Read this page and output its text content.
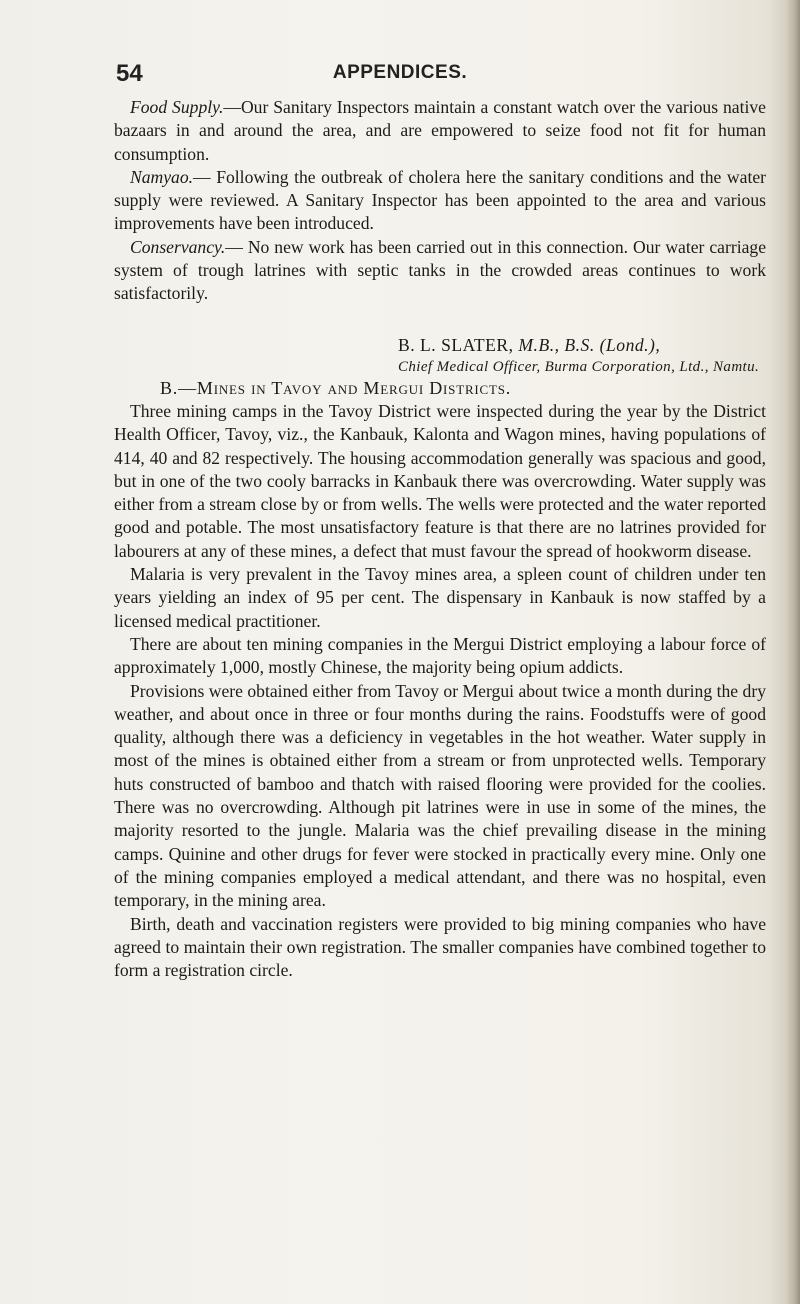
54	APPENDICES.

Food Supply.—Our Sanitary Inspectors maintain a constant watch over the various native bazaars in and around the area, and are empowered to seize food not fit for human consumption.

Namyao.— Following the outbreak of cholera here the sanitary conditions and the water supply were reviewed. A Sanitary Inspector has been appointed to the area and various improvements have been introduced.

Conservancy.— No new work has been carried out in this connection. Our water carriage system of trough latrines with septic tanks in the crowded areas continues to work satisfactorily.

B. L. SLATER, M.B., B.S. (Lond.),

Chief Medical Officer, Burma Corporation, Ltd., Namtu.

B.—Mines in Tavoy and Mergui Districts.

Three mining camps in the Tavoy District were inspected during the year by the District Health Officer, Tavoy, viz., the Kanbauk, Kalonta and Wagon mines, having populations of 414, 40 and 82 respectively. The housing accommodation generally was spacious and good, but in one of the two cooly barracks in Kanbauk there was overcrowding. Water supply was either from a stream close by or from wells. The wells were protected and the water reported good and potable. The most unsatisfactory feature is that there are no latrines provided for labourers at any of these mines, a defect that must favour the spread of hookworm disease.

Malaria is very prevalent in the Tavoy mines area, a spleen count of children under ten years yielding an index of 95 per cent. The dispensary in Kanbauk is now staffed by a licensed medical practitioner.

There are about ten mining companies in the Mergui District employing a labour force of approximately 1,000, mostly Chinese, the majority being opium addicts.

Provisions were obtained either from Tavoy or Mergui about twice a month during the dry weather, and about once in three or four months during the rains. Foodstuffs were of good quality, although there was a deficiency in vegetables in the hot weather. Water supply in most of the mines is obtained either from a stream or from unprotected wells. Temporary huts constructed of bamboo and thatch with raised flooring were provided for the coolies. There was no overcrowding. Although pit latrines were in use in some of the mines, the majority resorted to the jungle. Malaria was the chief prevailing disease in the mining camps. Quinine and other drugs for fever were stocked in practically every mine. Only one of the mining companies employed a medical attendant, and there was no hospital, even temporary, in the mining area.

Birth, death and vaccination registers were provided to big mining companies who have agreed to maintain their own registration. The smaller companies have combined together to form a registration circle.
